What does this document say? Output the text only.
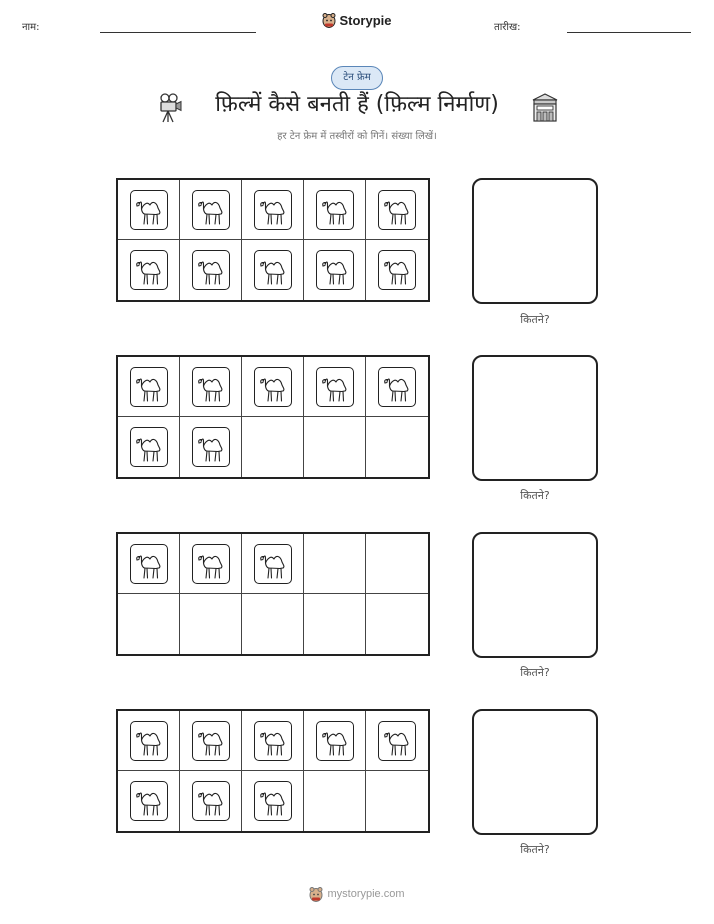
नाम:	Storypie	तारीख:
टेन फ्रेम
फ़िल्में कैसे बनती हैं (फ़िल्म निर्माण)
हर टेन फ्रेम में तस्वीरों को गिनें। संख्या लिखें।
कितने?
कितने?
कितने?
कितने?
mystorypie.com
